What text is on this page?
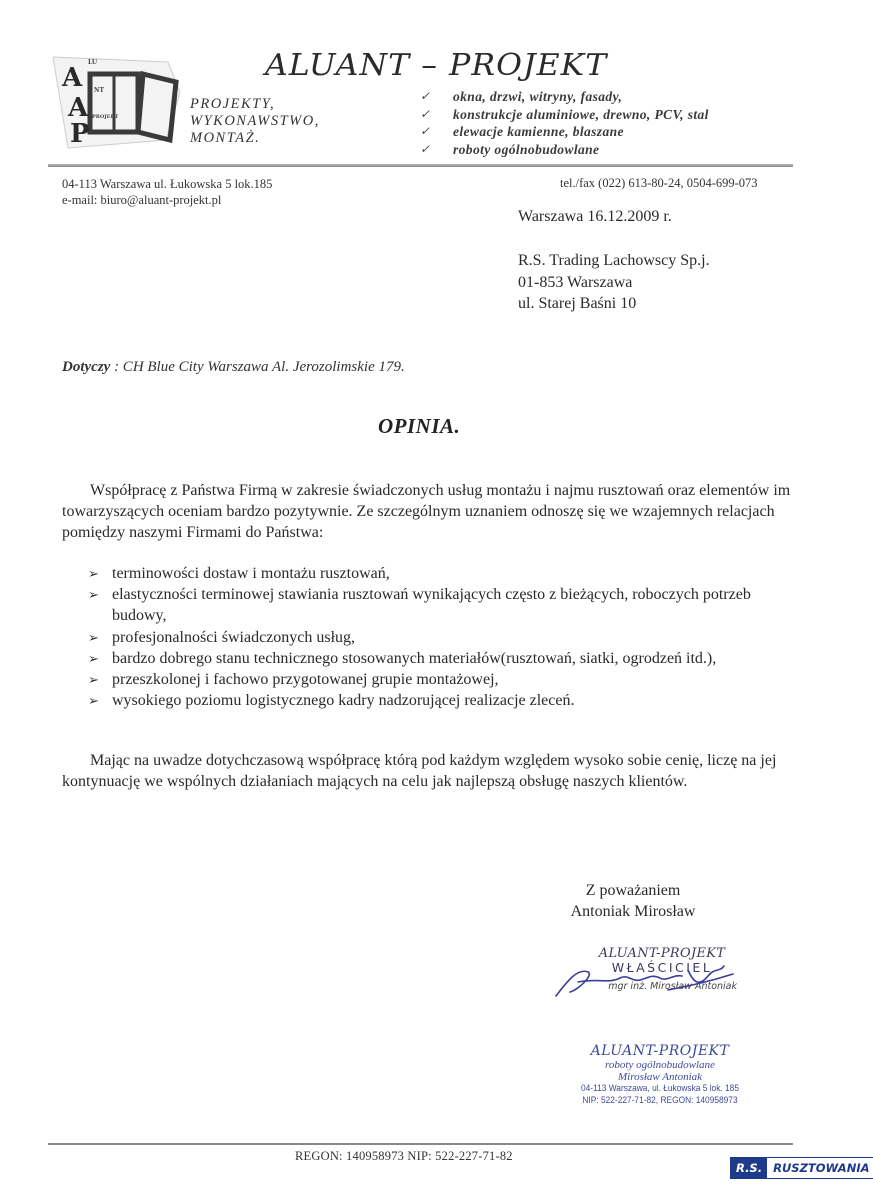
A
A
P
LU
NT
PROJEKT
ALUANT – PROJEKT
PROJEKTY,
WYKONAWSTWO,
MONTAŻ.
✓	okna, drzwi, witryny, fasady,
✓	konstrukcje aluminiowe, drewno, PCV, stal
✓	elewacje kamienne, blaszane
✓	roboty ogólnobudowlane
04-113 Warszawa ul. Łukowska 5 lok.185
e-mail: biuro@aluant-projekt.pl
tel./fax (022) 613-80-24, 0504-699-073
Warszawa 16.12.2009 r.
R.S. Trading Lachowscy Sp.j.
01-853 Warszawa
ul. Starej Baśni 10
Dotyczy : CH Blue City Warszawa Al. Jerozolimskie 179.
OPINIA.
Współpracę z Państwa Firmą w zakresie świadczonych usług montażu i najmu rusztowań oraz elementów im towarzyszących oceniam bardzo pozytywnie. Ze szczególnym uznaniem odnoszę się we wzajemnych relacjach pomiędzy naszymi Firmami do Państwa:
➢ terminowości dostaw i montażu rusztowań,
➢ elastyczności terminowej stawiania rusztowań wynikających często z bieżących, roboczych potrzeb budowy,
➢ profesjonalności świadczonych usług,
➢ bardzo dobrego stanu technicznego stosowanych materiałów(rusztowań, siatki, ogrodzeń itd.),
➢ przeszkolonej i fachowo przygotowanej grupie montażowej,
➢ wysokiego poziomu logistycznego kadry nadzorującej realizacje zleceń.
Mając na uwadze dotychczasową współpracę którą pod każdym względem wysoko sobie cenię, liczę na jej kontynuację we wspólnych działaniach mających na celu jak najlepszą obsługę naszych klientów.
Z poważaniem
Antoniak Mirosław
ALUANT-PROJEKT
WŁAŚCICIEL
mgr inż. Mirosław Antoniak
ALUANT-PROJEKT
roboty ogólnobudowlane
Mirosław Antoniak
04-113 Warszawa, ul. Łukowska 5 lok. 185
NIP: 522-227-71-82, REGON: 140958973
REGON: 140958973 NIP: 522-227-71-82
R.S. RUSZTOWANIA
